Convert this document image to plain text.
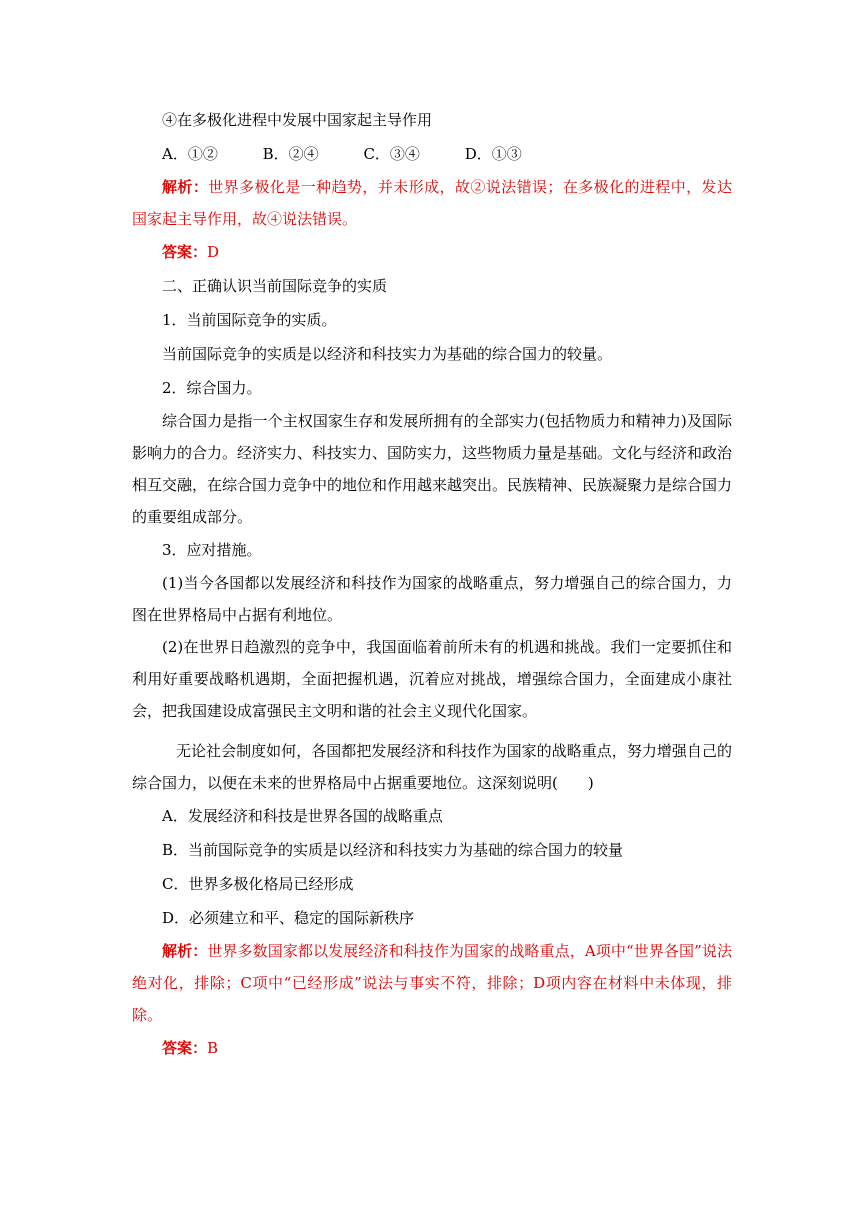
④在多极化进程中发展中国家起主导作用

A．①②	B．②④	C．③④	D．①③

解析：世界多极化是一种趋势，并未形成，故②说法错误；在多极化的进程中，发达国家起主导作用，故④说法错误。

答案：D

二、正确认识当前国际竞争的实质

1．当前国际竞争的实质。

当前国际竞争的实质是以经济和科技实力为基础的综合国力的较量。

2．综合国力。

综合国力是指一个主权国家生存和发展所拥有的全部实力(包括物质力和精神力)及国际影响力的合力。经济实力、科技实力、国防实力，这些物质力量是基础。文化与经济和政治相互交融，在综合国力竞争中的地位和作用越来越突出。民族精神、民族凝聚力是综合国力的重要组成部分。

3．应对措施。

(1)当今各国都以发展经济和科技作为国家的战略重点，努力增强自己的综合国力，力图在世界格局中占据有利地位。

(2)在世界日趋激烈的竞争中，我国面临着前所未有的机遇和挑战。我们一定要抓住和利用好重要战略机遇期，全面把握机遇，沉着应对挑战，增强综合国力，全面建成小康社会，把我国建设成富强民主文明和谐的社会主义现代化国家。

无论社会制度如何，各国都把发展经济和科技作为国家的战略重点，努力增强自己的综合国力，以便在未来的世界格局中占据重要地位。这深刻说明(　　)

A．发展经济和科技是世界各国的战略重点

B．当前国际竞争的实质是以经济和科技实力为基础的综合国力的较量

C．世界多极化格局已经形成

D．必须建立和平、稳定的国际新秩序

解析：世界多数国家都以发展经济和科技作为国家的战略重点，A项中“世界各国”说法绝对化，排除；C项中“已经形成”说法与事实不符，排除；D项内容在材料中未体现，排除。

答案：B
